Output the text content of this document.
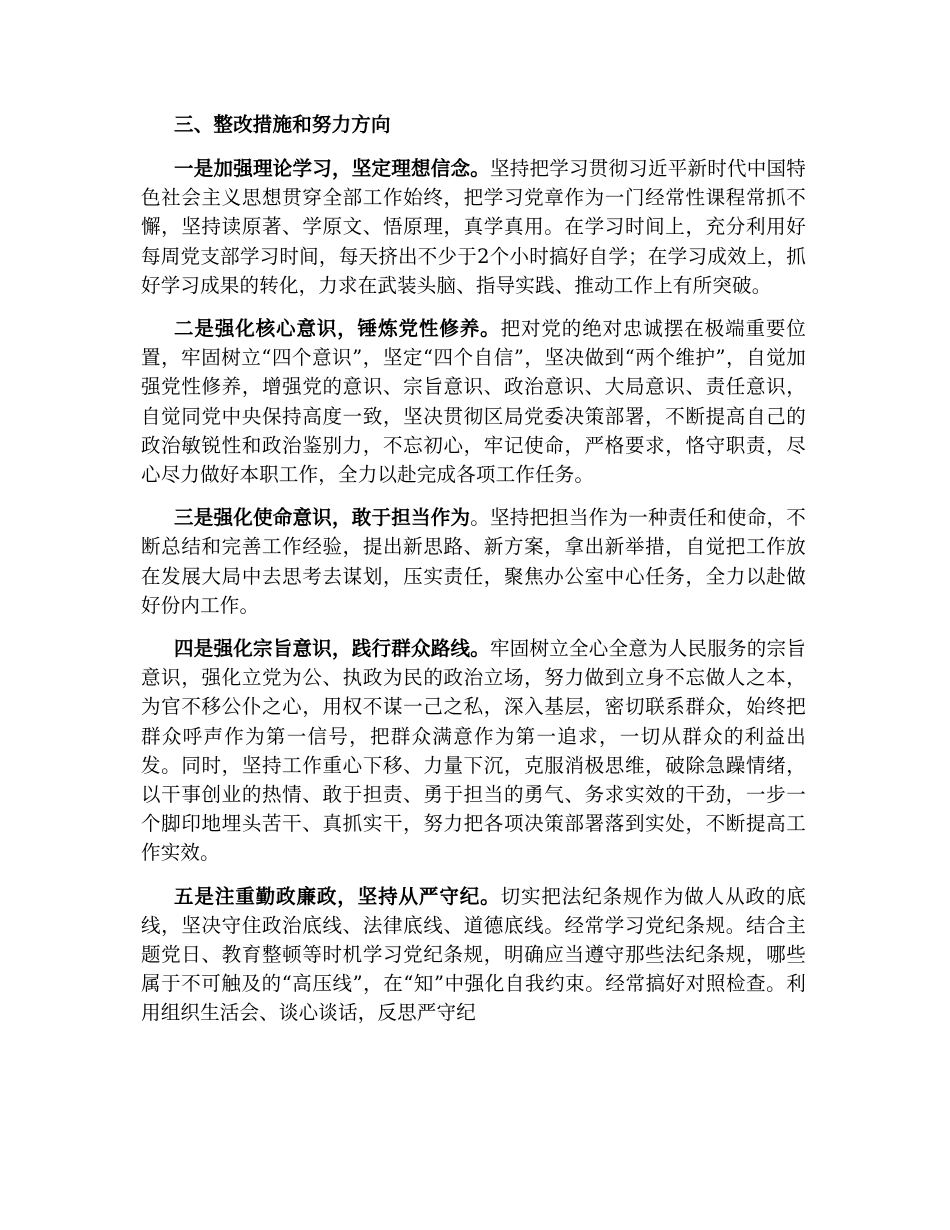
三、整改措施和努力方向

一是加强理论学习，坚定理想信念。坚持把学习贯彻习近平新时代中国特色社会主义思想贯穿全部工作始终，把学习党章作为一门经常性课程常抓不懈，坚持读原著、学原文、悟原理，真学真用。在学习时间上，充分利用好每周党支部学习时间，每天挤出不少于2个小时搞好自学；在学习成效上，抓好学习成果的转化，力求在武装头脑、指导实践、推动工作上有所突破。

二是强化核心意识，锤炼党性修养。把对党的绝对忠诚摆在极端重要位置，牢固树立“四个意识”，坚定“四个自信”，坚决做到“两个维护”，自觉加强党性修养，增强党的意识、宗旨意识、政治意识、大局意识、责任意识，自觉同党中央保持高度一致，坚决贯彻区局党委决策部署，不断提高自己的政治敏锐性和政治鉴别力，不忘初心，牢记使命，严格要求，恪守职责，尽心尽力做好本职工作，全力以赴完成各项工作任务。

三是强化使命意识，敢于担当作为。坚持把担当作为一种责任和使命，不断总结和完善工作经验，提出新思路、新方案，拿出新举措，自觉把工作放在发展大局中去思考去谋划，压实责任，聚焦办公室中心任务，全力以赴做好份内工作。

四是强化宗旨意识，践行群众路线。牢固树立全心全意为人民服务的宗旨意识，强化立党为公、执政为民的政治立场，努力做到立身不忘做人之本，为官不移公仆之心，用权不谋一己之私，深入基层，密切联系群众，始终把群众呼声作为第一信号，把群众满意作为第一追求，一切从群众的利益出发。同时，坚持工作重心下移、力量下沉，克服消极思维，破除急躁情绪，以干事创业的热情、敢于担责、勇于担当的勇气、务求实效的干劲，一步一个脚印地埋头苦干、真抓实干，努力把各项决策部署落到实处，不断提高工作实效。

五是注重勤政廉政，坚持从严守纪。切实把法纪条规作为做人从政的底线，坚决守住政治底线、法律底线、道德底线。经常学习党纪条规。结合主题党日、教育整顿等时机学习党纪条规，明确应当遵守那些法纪条规，哪些属于不可触及的“高压线”，在“知”中强化自我约束。经常搞好对照检查。利用组织生活会、谈心谈话，反思严守纪
